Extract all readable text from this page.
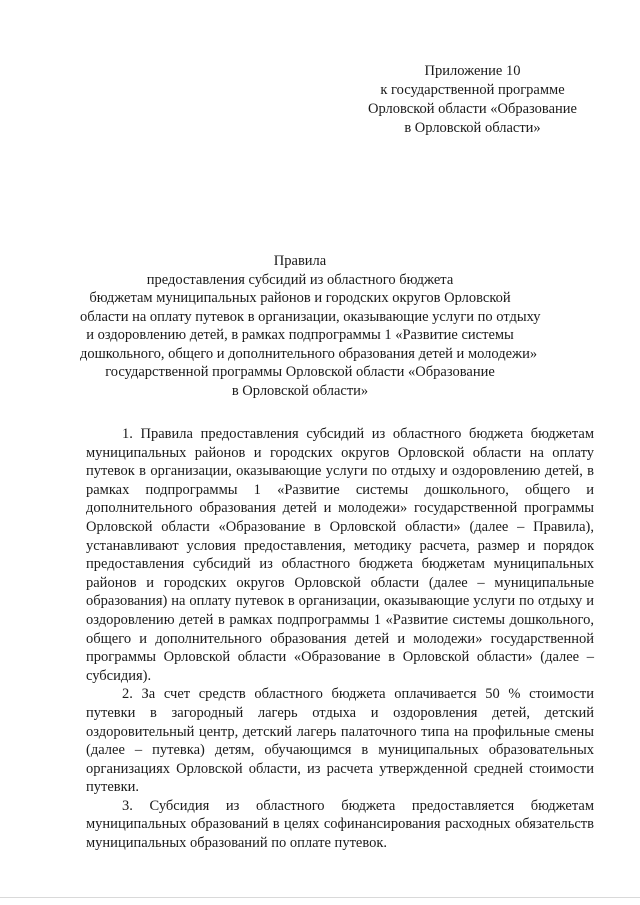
Приложение 10
к государственной программе
Орловской области «Образование
в Орловской области»
Правила
предоставления субсидий из областного бюджета
бюджетам муниципальных районов и городских округов Орловской
области на оплату путевок в организации, оказывающие услуги по отдыху
и оздоровлению детей, в рамках подпрограммы 1 «Развитие системы
дошкольного, общего и дополнительного образования детей и молодежи»
государственной программы Орловской области «Образование
в Орловской области»

1. Правила предоставления субсидий из областного бюджета бюджетам муниципальных районов и городских округов Орловской области на оплату путевок в организации, оказывающие услуги по отдыху и оздоровлению детей, в рамках подпрограммы 1 «Развитие системы дошкольного, общего и дополнительного образования детей и молодежи» государственной программы Орловской области «Образование в Орловской области» (далее – Правила), устанавливают условия предоставления, методику расчета, размер и порядок предоставления субсидий из областного бюджета бюджетам муниципальных районов и городских округов Орловской области (далее – муниципальные образования) на оплату путевок в организации, оказывающие услуги по отдыху и оздоровлению детей в рамках подпрограммы 1 «Развитие системы дошкольного, общего и дополнительного образования детей и молодежи» государственной программы Орловской области «Образование в Орловской области» (далее – субсидия).

2. За счет средств областного бюджета оплачивается 50 % стоимости путевки в загородный лагерь отдыха и оздоровления детей, детский оздоровительный центр, детский лагерь палаточного типа на профильные смены (далее – путевка) детям, обучающимся в муниципальных образовательных организациях Орловской области, из расчета утвержденной средней стоимости путевки.

3. Субсидия из областного бюджета предоставляется бюджетам муниципальных образований в целях софинансирования расходных обязательств муниципальных образований по оплате путевок.
